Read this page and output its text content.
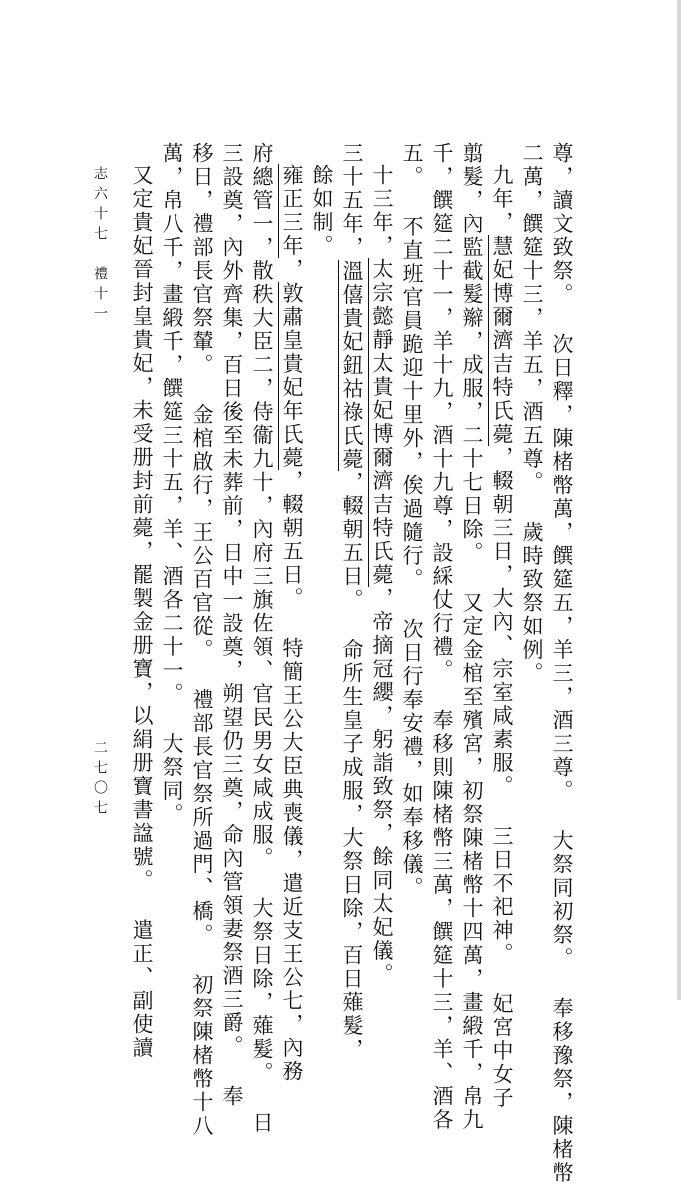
志六十七　禮十一
二七〇七	尊，讀文致祭。 次日釋，陳楮幣萬，饌筵五，羊三，酒三尊。 大祭同初祭。 奉移豫祭，陳楮幣
二萬，饌筵十三，羊五，酒五尊。 歲時致祭如例。
九年，慧妃博爾濟吉特氏薨，輟朝三日，大內、宗室咸素服。 三日不祀神。 妃宮中女子
翦髮，內監截髮辮，成服，二十七日除。 又定金棺至殯宮，初祭陳楮幣十四萬，畫緞千，帛九
千，饌筵二十一，羊十九，酒十九尊，設綵仗行禮。 奉移則陳楮幣三萬，饌筵十三，羊、酒各
五。 不直班官員跪迎十里外，俟過隨行。 次日行奉安禮，如奉移儀。
十三年，太宗懿靜太貴妃博爾濟吉特氏薨，帝摘冠纓，躬詣致祭，餘同太妃儀。
三十五年，溫僖貴妃鈕祜祿氏薨，輟朝五日。 命所生皇子成服，大祭日除，百日薙髮，
餘如制。
雍正三年，敦肅皇貴妃年氏薨，輟朝五日。 特簡王公大臣典喪儀，遣近支王公七，內務
府總管一，散秩大臣二，侍衞九十，內府三旗佐領、官民男女咸成服。 大祭日除，薙髮。 日
三設奠，內外齊集，百日後至未葬前，日中一設奠，朔望仍三奠，命內管領妻祭酒三爵。 奉
移日，禮部長官祭輦。 金棺啟行，王公百官從。 禮部長官祭所過門、橋。 初祭陳楮幣十八
萬，帛八千，畫緞千，饌筵三十五，羊、酒各二十一。 大祭同。
又定貴妃晉封皇貴妃，未受册封前薨，罷製金册寶，以絹册寶書諡號。 遣正、副使讀
